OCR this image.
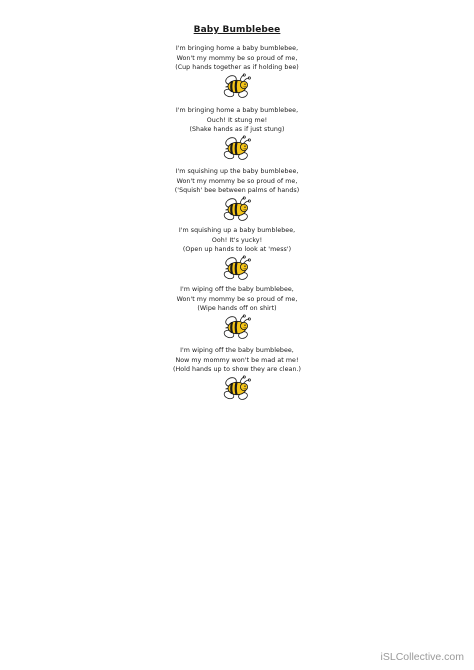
Baby Bumblebee
I'm bringing home a baby bumblebee,
Won't my mommy be so proud of me,
(Cup hands together as if holding bee)
I'm bringing home a baby bumblebee,
Ouch! It stung me!
(Shake hands as if just stung)
I'm squishing up the baby bumblebee,
Won't my mommy be so proud of me,
('Squish' bee between palms of hands)
I'm squishing up a baby bumblebee,
Ooh! It's yucky!
(Open up hands to look at 'mess')
I'm wiping off the baby bumblebee,
Won't my mommy be so proud of me,
(Wipe hands off on shirt)
I'm wiping off the baby bumblebee,
Now my mommy won't be mad at me!
(Hold hands up to show they are clean.)
iSLCollective.com
